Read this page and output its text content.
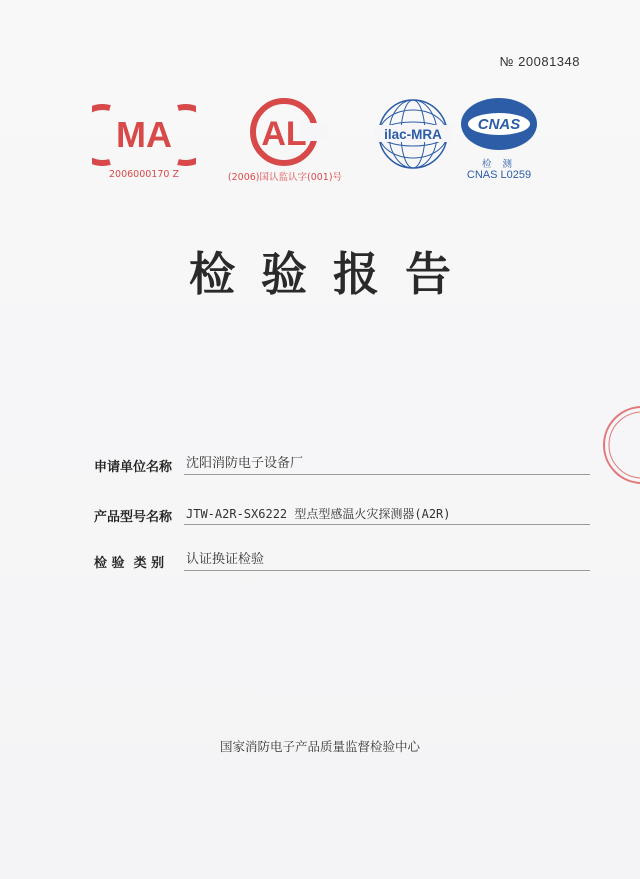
№ 20081348
MA
2006000170 Z
AL
(2006)国认监认字(001)号
ilac-MRA
CNAS
检 测
CNAS L0259
检验报告
申请单位名称	沈阳消防电子设备厂
产品型号名称	JTW-A2R-SX6222 型点型感温火灾探测器(A2R)
检 验  类 别	认证换证检验
国家消防电子产品质量监督检验中心
